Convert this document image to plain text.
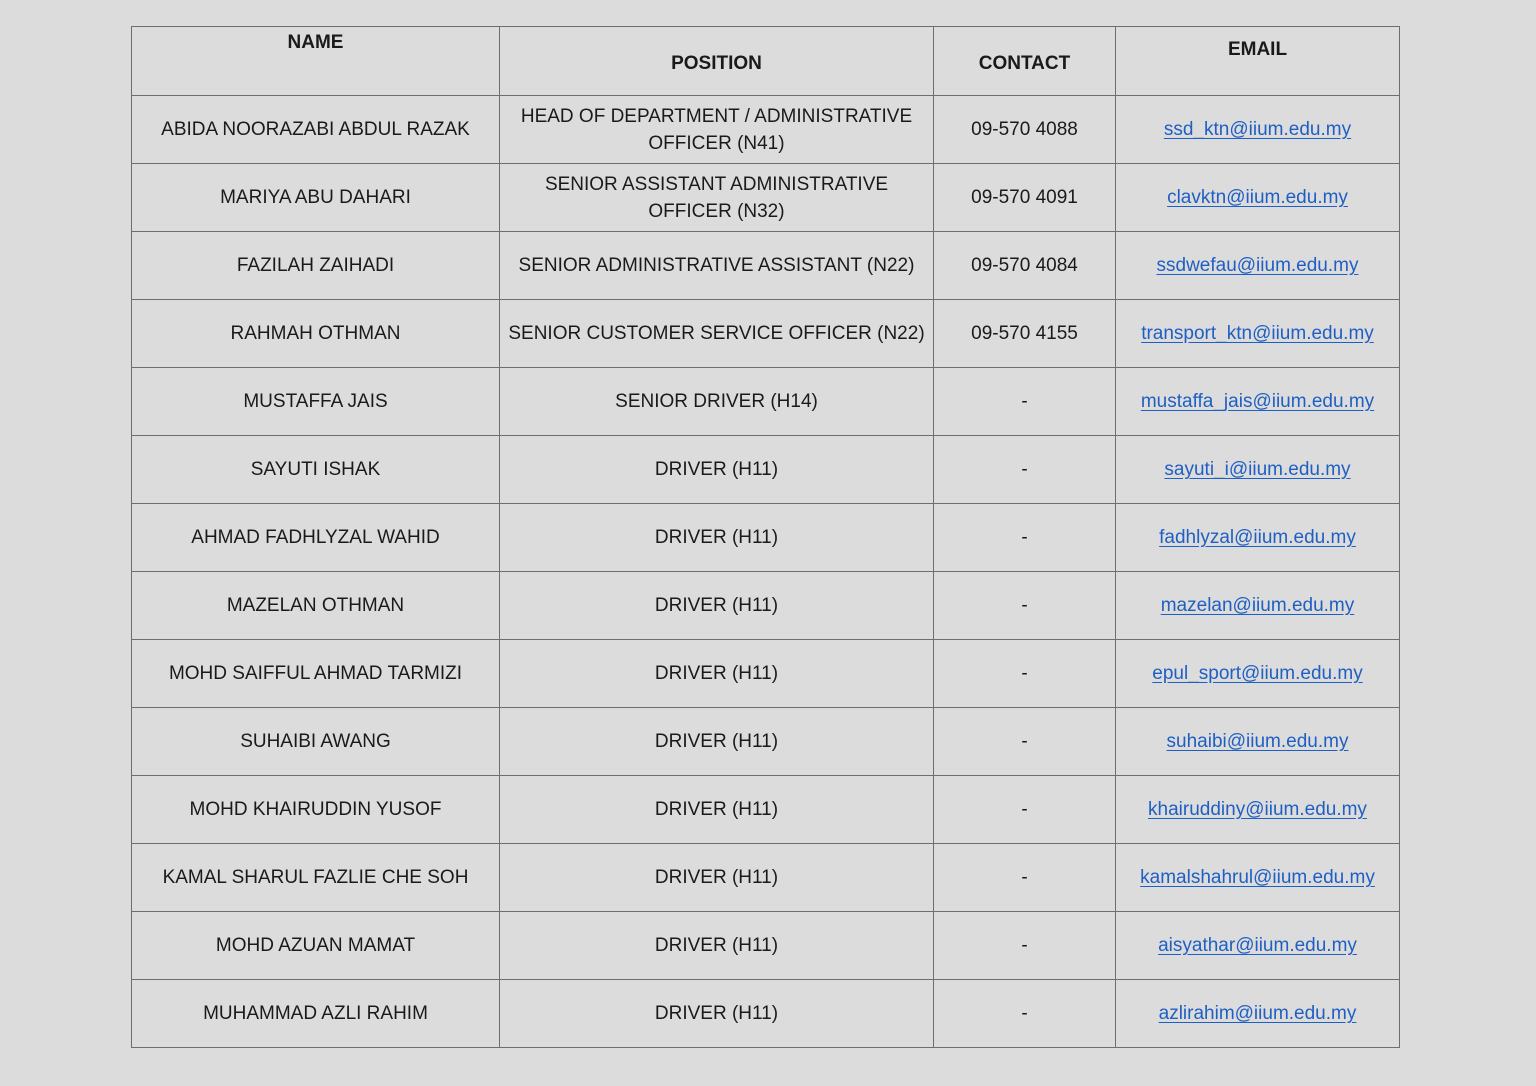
NAME	POSITION	CONTACT	EMAIL

ABIDA NOORAZABI ABDUL RAZAK	HEAD OF DEPARTMENT / ADMINISTRATIVE OFFICER (N41)	09-570 4088	ssd_ktn@iium.edu.my
MARIYA ABU DAHARI	SENIOR ASSISTANT ADMINISTRATIVE OFFICER (N32)	09-570 4091	clavktn@iium.edu.my
FAZILAH ZAIHADI	SENIOR ADMINISTRATIVE ASSISTANT (N22)	09-570 4084	ssdwefau@iium.edu.my
RAHMAH OTHMAN	SENIOR CUSTOMER SERVICE OFFICER (N22)	09-570 4155	transport_ktn@iium.edu.my
MUSTAFFA JAIS	SENIOR DRIVER (H14)	-	mustaffa_jais@iium.edu.my
SAYUTI ISHAK	DRIVER (H11)	-	sayuti_i@iium.edu.my
AHMAD FADHLYZAL WAHID	DRIVER (H11)	-	fadhlyzal@iium.edu.my
MAZELAN OTHMAN	DRIVER (H11)	-	mazelan@iium.edu.my
MOHD SAIFFUL AHMAD TARMIZI	DRIVER (H11)	-	epul_sport@iium.edu.my
SUHAIBI AWANG	DRIVER (H11)	-	suhaibi@iium.edu.my
MOHD KHAIRUDDIN YUSOF	DRIVER (H11)	-	khairuddiny@iium.edu.my
KAMAL SHARUL FAZLIE CHE SOH	DRIVER (H11)	-	kamalshahrul@iium.edu.my
MOHD AZUAN MAMAT	DRIVER (H11)	-	aisyathar@iium.edu.my
MUHAMMAD AZLI RAHIM	DRIVER (H11)	-	azlirahim@iium.edu.my
